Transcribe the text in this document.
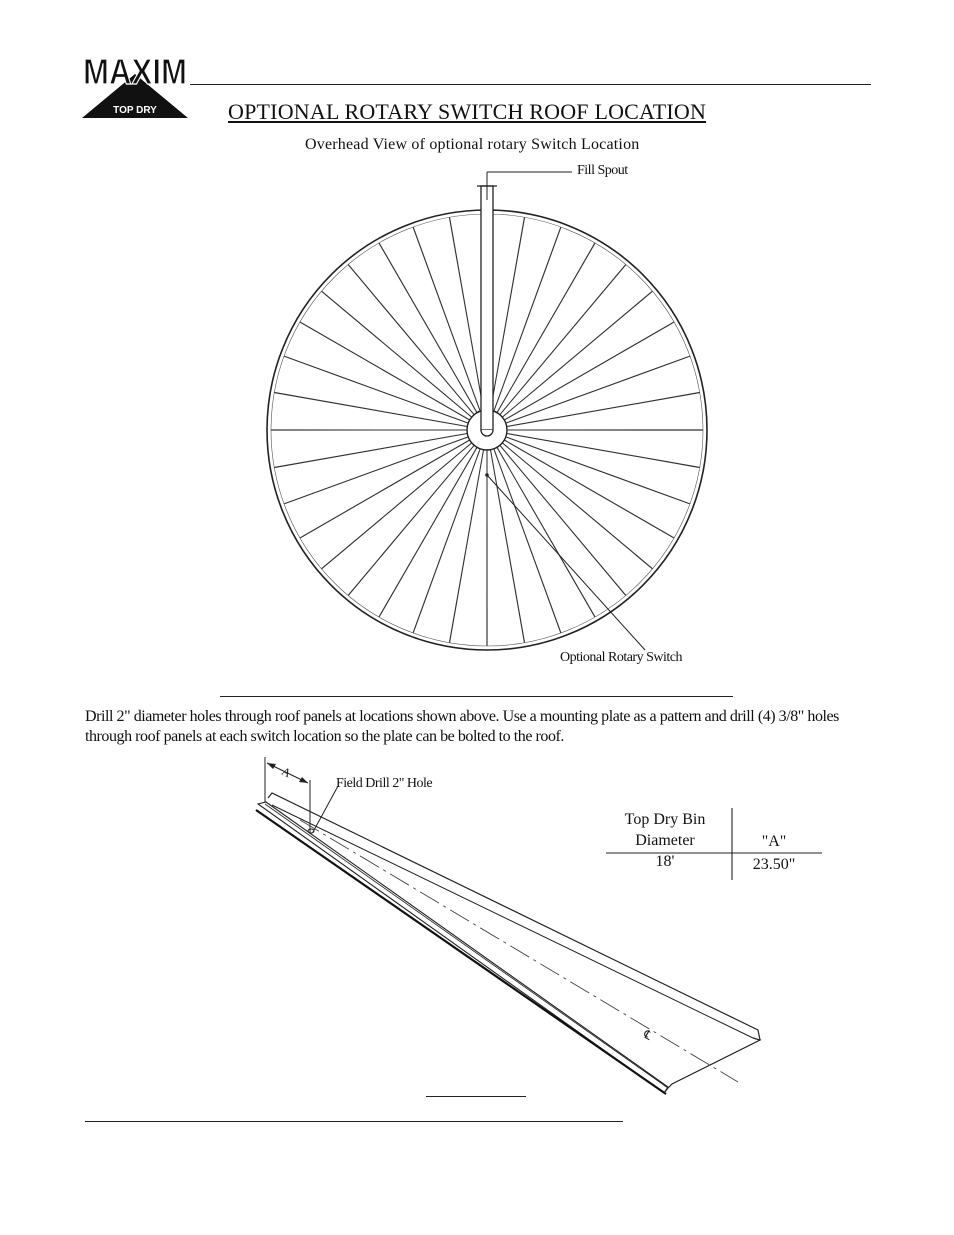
MAXIM
TOP DRY	OPTIONAL ROTARY SWITCH ROOF LOCATION
Overhead View of optional rotary Switch Location
Fill Spout
Optional Rotary Switch
Drill 2" diameter holes through roof panels at locations shown above. Use a mounting plate as a pattern and drill (4) 3/8" holes through roof panels at each switch location so the plate can be bolted to the roof.
A
℄
Field Drill 2" Hole
Top Dry Bin
Diameter	"A"
18'	23.50"
